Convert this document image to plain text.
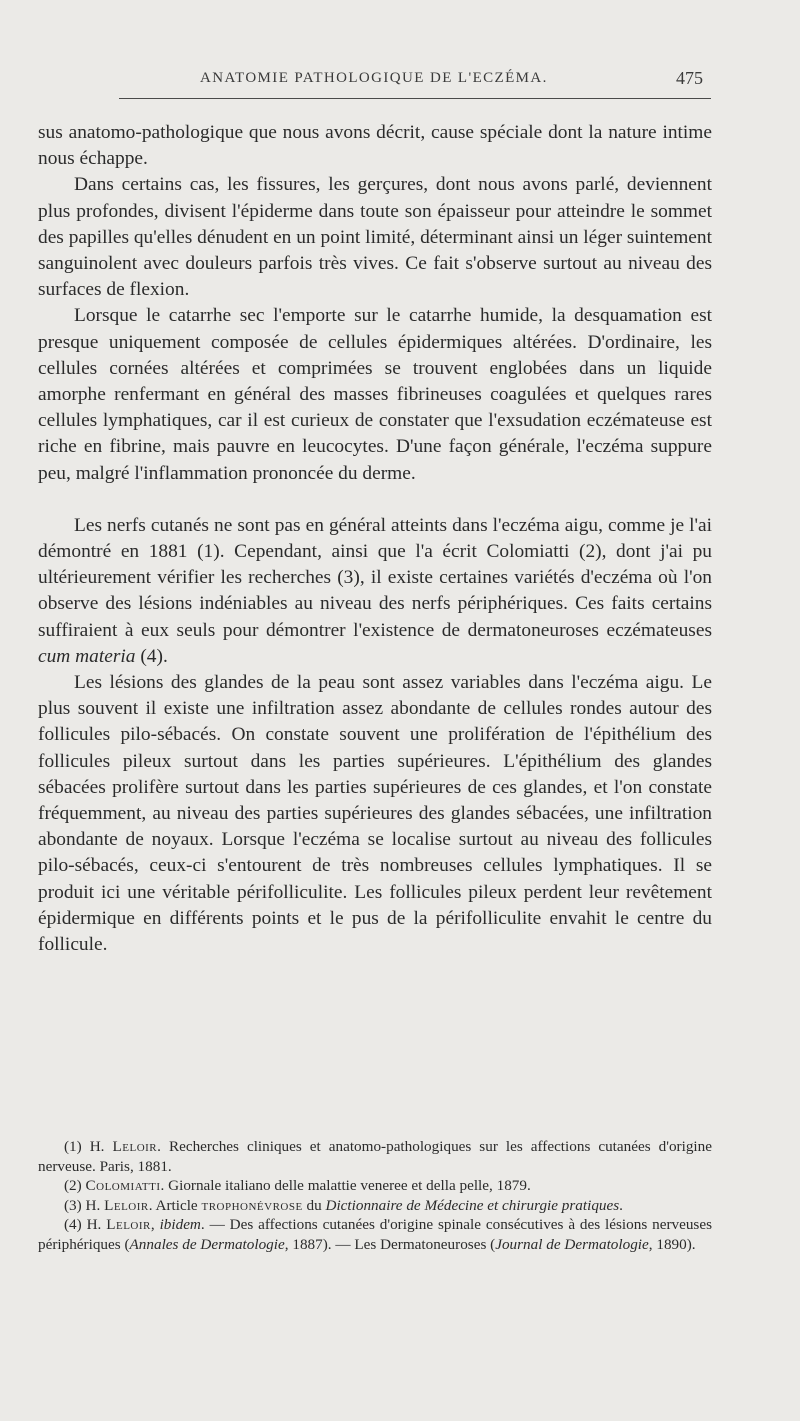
ANATOMIE PATHOLOGIQUE DE L'ECZÉMA.	475

sus anatomo-pathologique que nous avons décrit, cause spéciale dont la nature intime nous échappe.

Dans certains cas, les fissures, les gerçures, dont nous avons parlé, deviennent plus profondes, divisent l'épiderme dans toute son épaisseur pour atteindre le sommet des papilles qu'elles dénudent en un point limité, déterminant ainsi un léger suintement sanguinolent avec douleurs parfois très vives. Ce fait s'observe surtout au niveau des surfaces de flexion.

Lorsque le catarrhe sec l'emporte sur le catarrhe humide, la desquamation est presque uniquement composée de cellules épidermiques altérées. D'ordinaire, les cellules cornées altérées et comprimées se trouvent englobées dans un liquide amorphe renfermant en général des masses fibrineuses coagulées et quelques rares cellules lymphatiques, car il est curieux de constater que l'exsudation eczémateuse est riche en fibrine, mais pauvre en leucocytes. D'une façon générale, l'eczéma suppure peu, malgré l'inflammation prononcée du derme.

Les nerfs cutanés ne sont pas en général atteints dans l'eczéma aigu, comme je l'ai démontré en 1881 (1). Cependant, ainsi que l'a écrit Colomiatti (2), dont j'ai pu ultérieurement vérifier les recherches (3), il existe certaines variétés d'eczéma où l'on observe des lésions indéniables au niveau des nerfs périphériques. Ces faits certains suffiraient à eux seuls pour démontrer l'existence de dermatoneuroses eczémateuses cum materia (4).

Les lésions des glandes de la peau sont assez variables dans l'eczéma aigu. Le plus souvent il existe une infiltration assez abondante de cellules rondes autour des follicules pilo-sébacés. On constate souvent une prolifération de l'épithélium des follicules pileux surtout dans les parties supérieures. L'épithélium des glandes sébacées prolifère surtout dans les parties supérieures de ces glandes, et l'on constate fréquemment, au niveau des parties supérieures des glandes sébacées, une infiltration abondante de noyaux. Lorsque l'eczéma se localise surtout au niveau des follicules pilo-sébacés, ceux-ci s'entourent de très nombreuses cellules lymphatiques. Il se produit ici une véritable périfolliculite. Les follicules pileux perdent leur revêtement épidermique en différents points et le pus de la périfolliculite envahit le centre du follicule.

(1) H. Leloir. Recherches cliniques et anatomo-pathologiques sur les affections cutanées d'origine nerveuse. Paris, 1881.

(2) Colomiatti. Giornale italiano delle malattie veneree et della pelle, 1879.

(3) H. Leloir. Article trophonévrose du Dictionnaire de Médecine et chirurgie pratiques.

(4) H. Leloir, ibidem. — Des affections cutanées d'origine spinale consécutives à des lésions nerveuses périphériques (Annales de Dermatologie, 1887). — Les Dermatoneuroses (Journal de Dermatologie, 1890).
